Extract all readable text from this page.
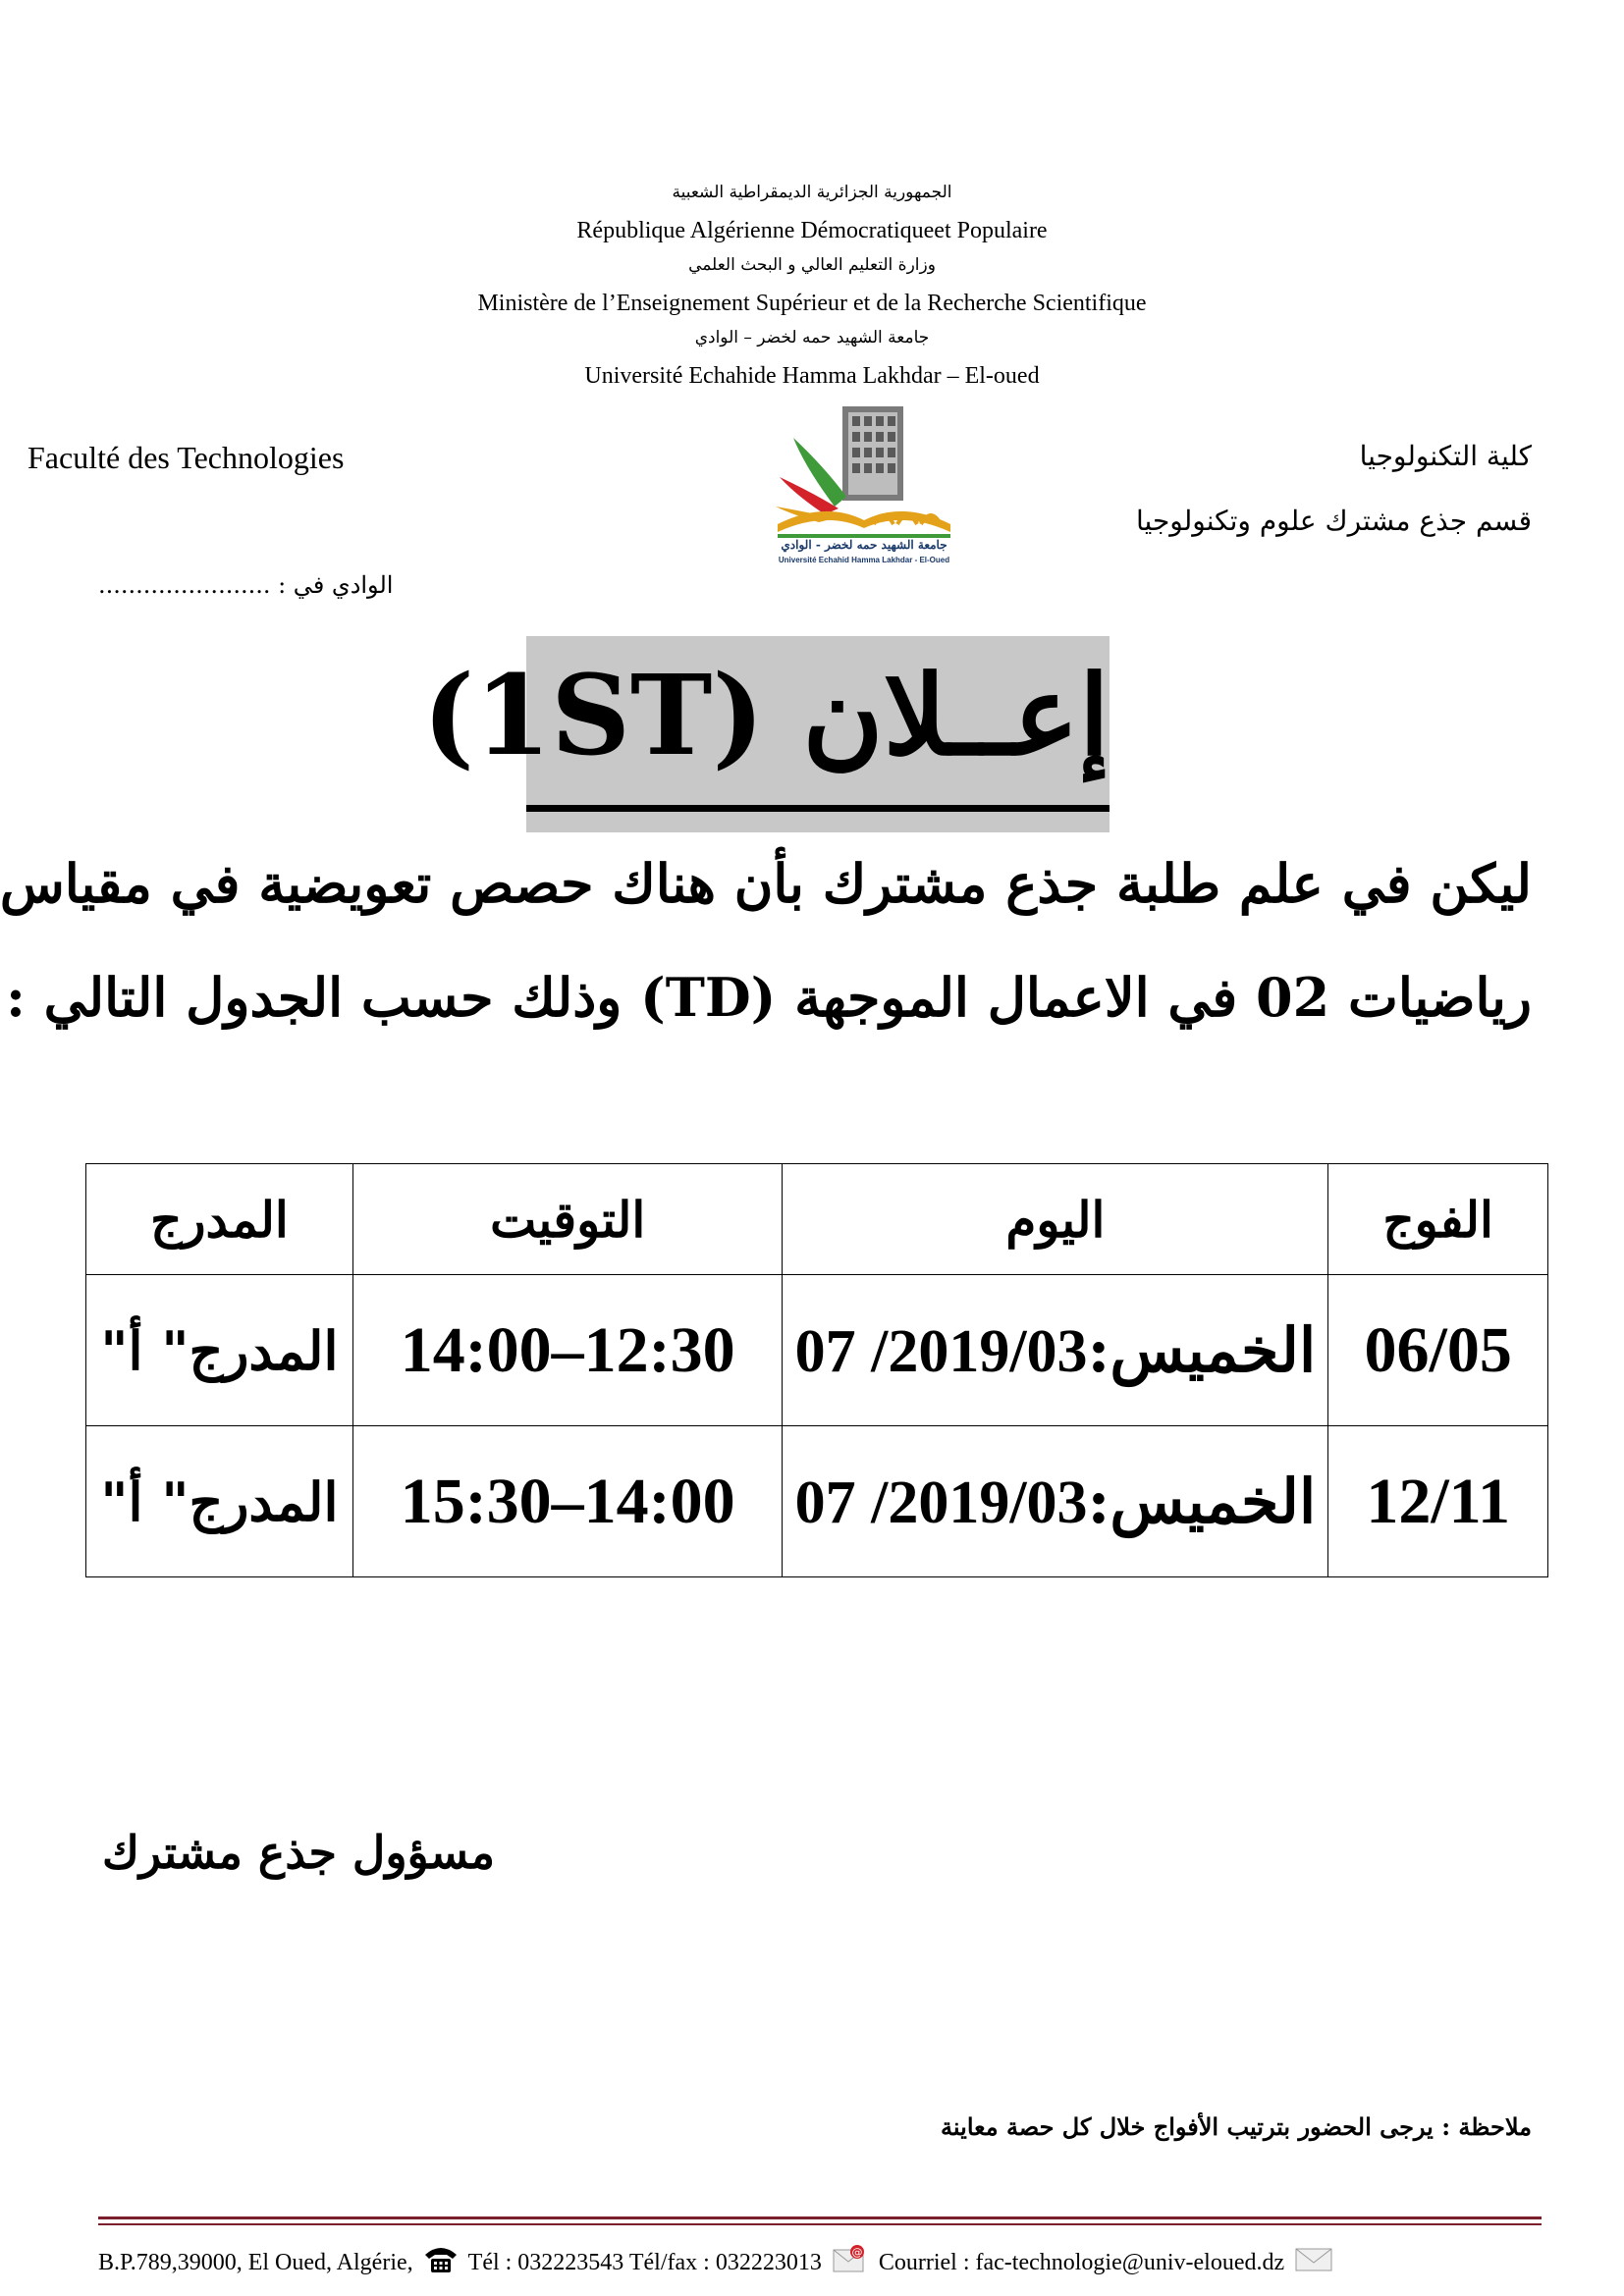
الجمهورية الجزائرية الديمقراطية الشعبية
République Algérienne Démocratiqueet Populaire
وزارة التعليم العالي و البحث العلمي
Ministère de l’Enseignement Supérieur et de la Recherche Scientifique
جامعة الشهيد حمه لخضر – الوادي
Université Echahide Hamma Lakhdar – El-oued
Faculté des Technologies	كلية التكنولوجيا
قسم جذع مشترك علوم وتكنولوجيا
الوادي في : .......................
جامعة الشهيد حمه لخضر - الوادي
Université Echahid Hamma Lakhdar - El-Oued
إعــلان (1ST)
ليكن في علم طلبة جذع مشترك بأن هناك حصص تعويضية في مقياس
رياضيات 02 في الاعمال الموجهة (TD) وذلك حسب الجدول التالي :
الفوج	اليوم	التوقيت	المدرج
06/05	الخميس:07 /2019/03	14:00–12:30	المدرج" أ"
12/11	الخميس:07 /2019/03	15:30–14:00	المدرج" أ"
مسؤول جذع مشترك
ملاحظة : يرجى الحضور بترتيب الأفواج خلال كل حصة معاينة
B.P.789,39000, El Oued, Algérie, Tél : 032223543 Tél/fax : 032223013	@ Courriel : fac-technologie@univ-eloued.dz
